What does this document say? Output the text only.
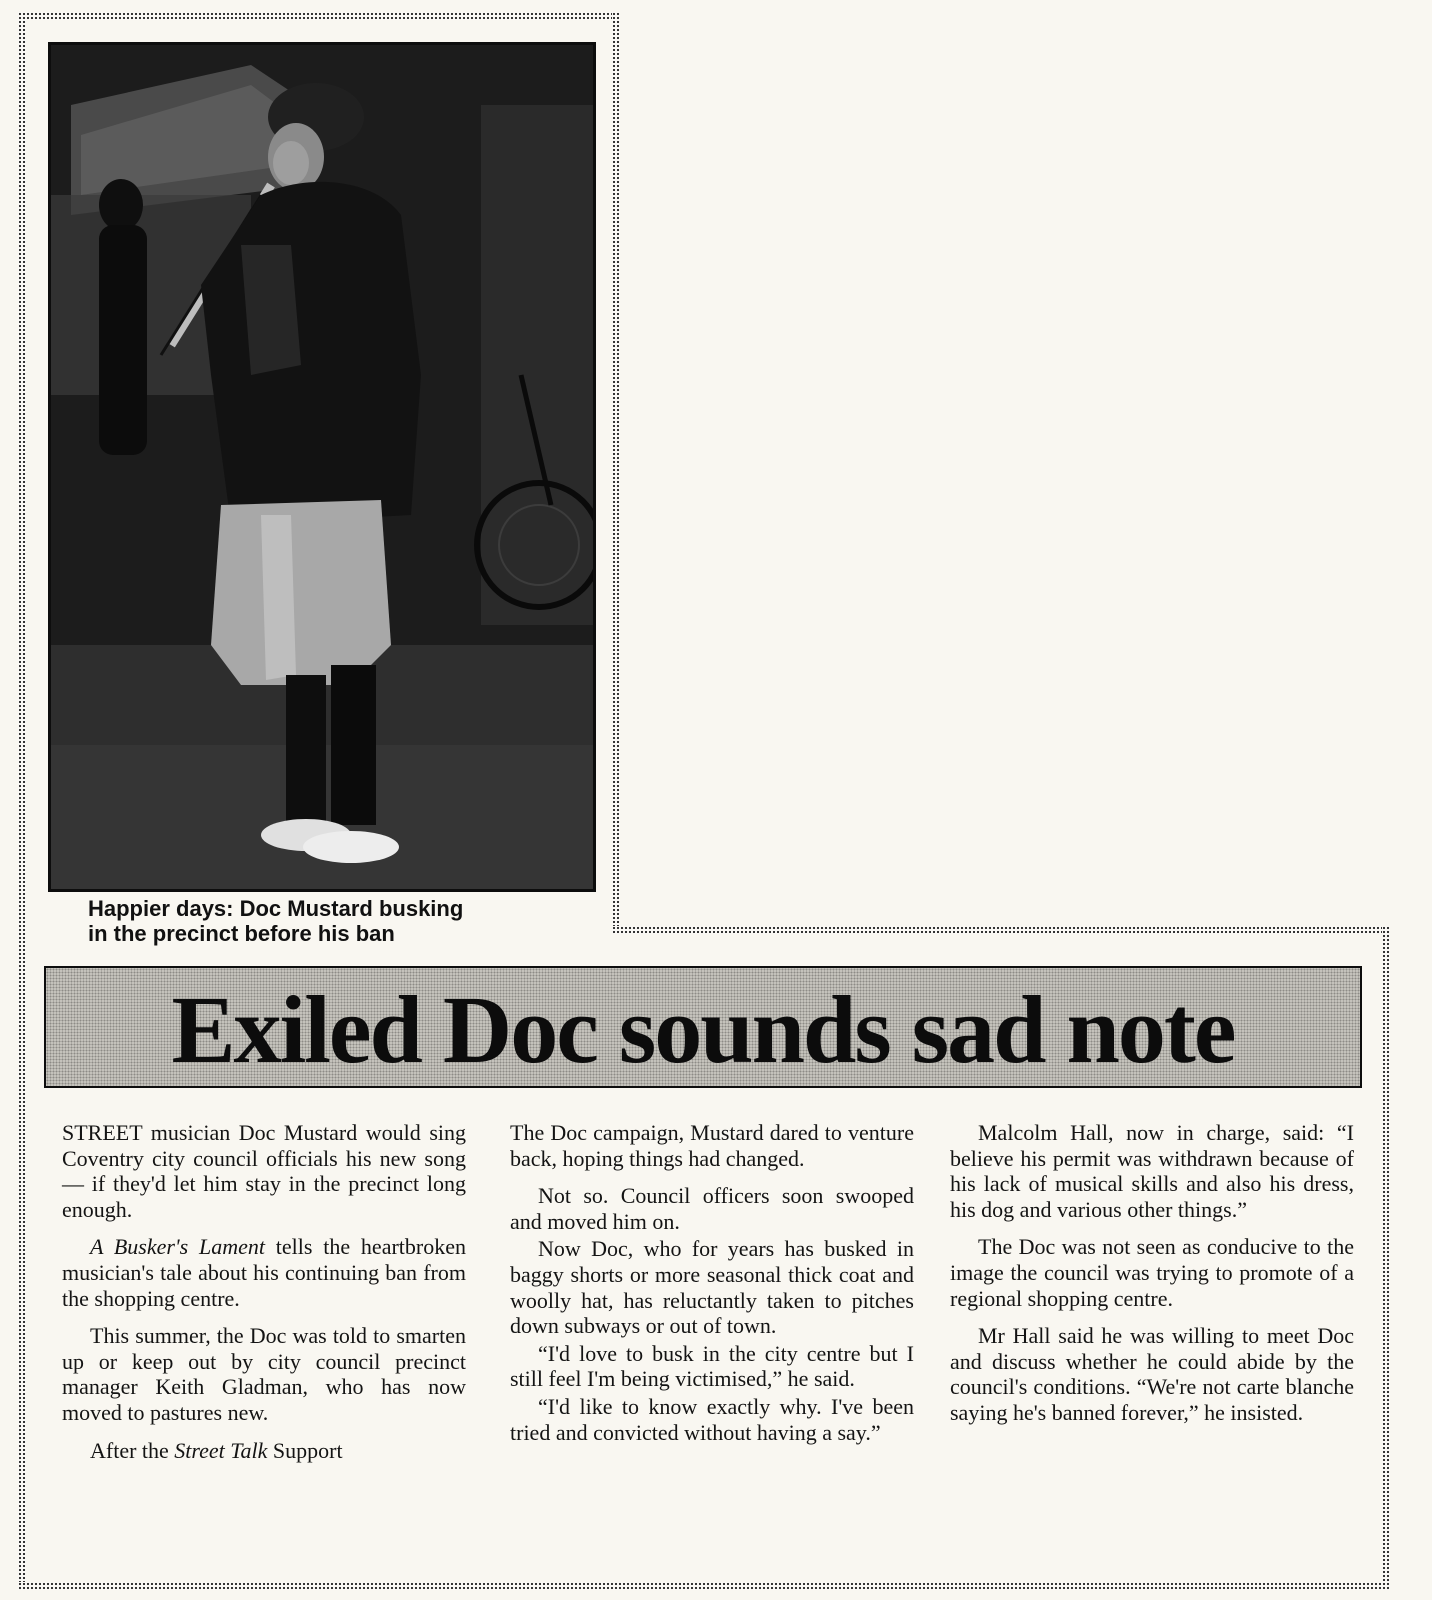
Happier days: Doc Mustard busking
in the precinct before his ban
Exiled Doc sounds sad note

STREET musician Doc Mustard would sing Coventry city council officials his new song — if they'd let him stay in the precinct long enough.

A Busker's Lament tells the heartbroken musician's tale about his continuing ban from the shopping centre.

This summer, the Doc was told to smarten up or keep out by city council precinct manager Keith Gladman, who has now moved to pastures new.

After the Street Talk Support

The Doc campaign, Mustard dared to venture back, hoping things had changed.

Not so. Council officers soon swooped and moved him on.

Now Doc, who for years has busked in baggy shorts or more seasonal thick coat and woolly hat, has reluctantly taken to pitches down subways or out of town.

“I'd love to busk in the city centre but I still feel I'm being victimised,” he said.

“I'd like to know exactly why. I've been tried and convicted without having a say.”

Malcolm Hall, now in charge, said: “I believe his permit was withdrawn because of his lack of musical skills and also his dress, his dog and various other things.”

The Doc was not seen as conducive to the image the council was trying to promote of a regional shopping centre.

Mr Hall said he was willing to meet Doc and discuss whether he could abide by the council's conditions. “We're not carte blanche saying he's banned forever,” he insisted.
